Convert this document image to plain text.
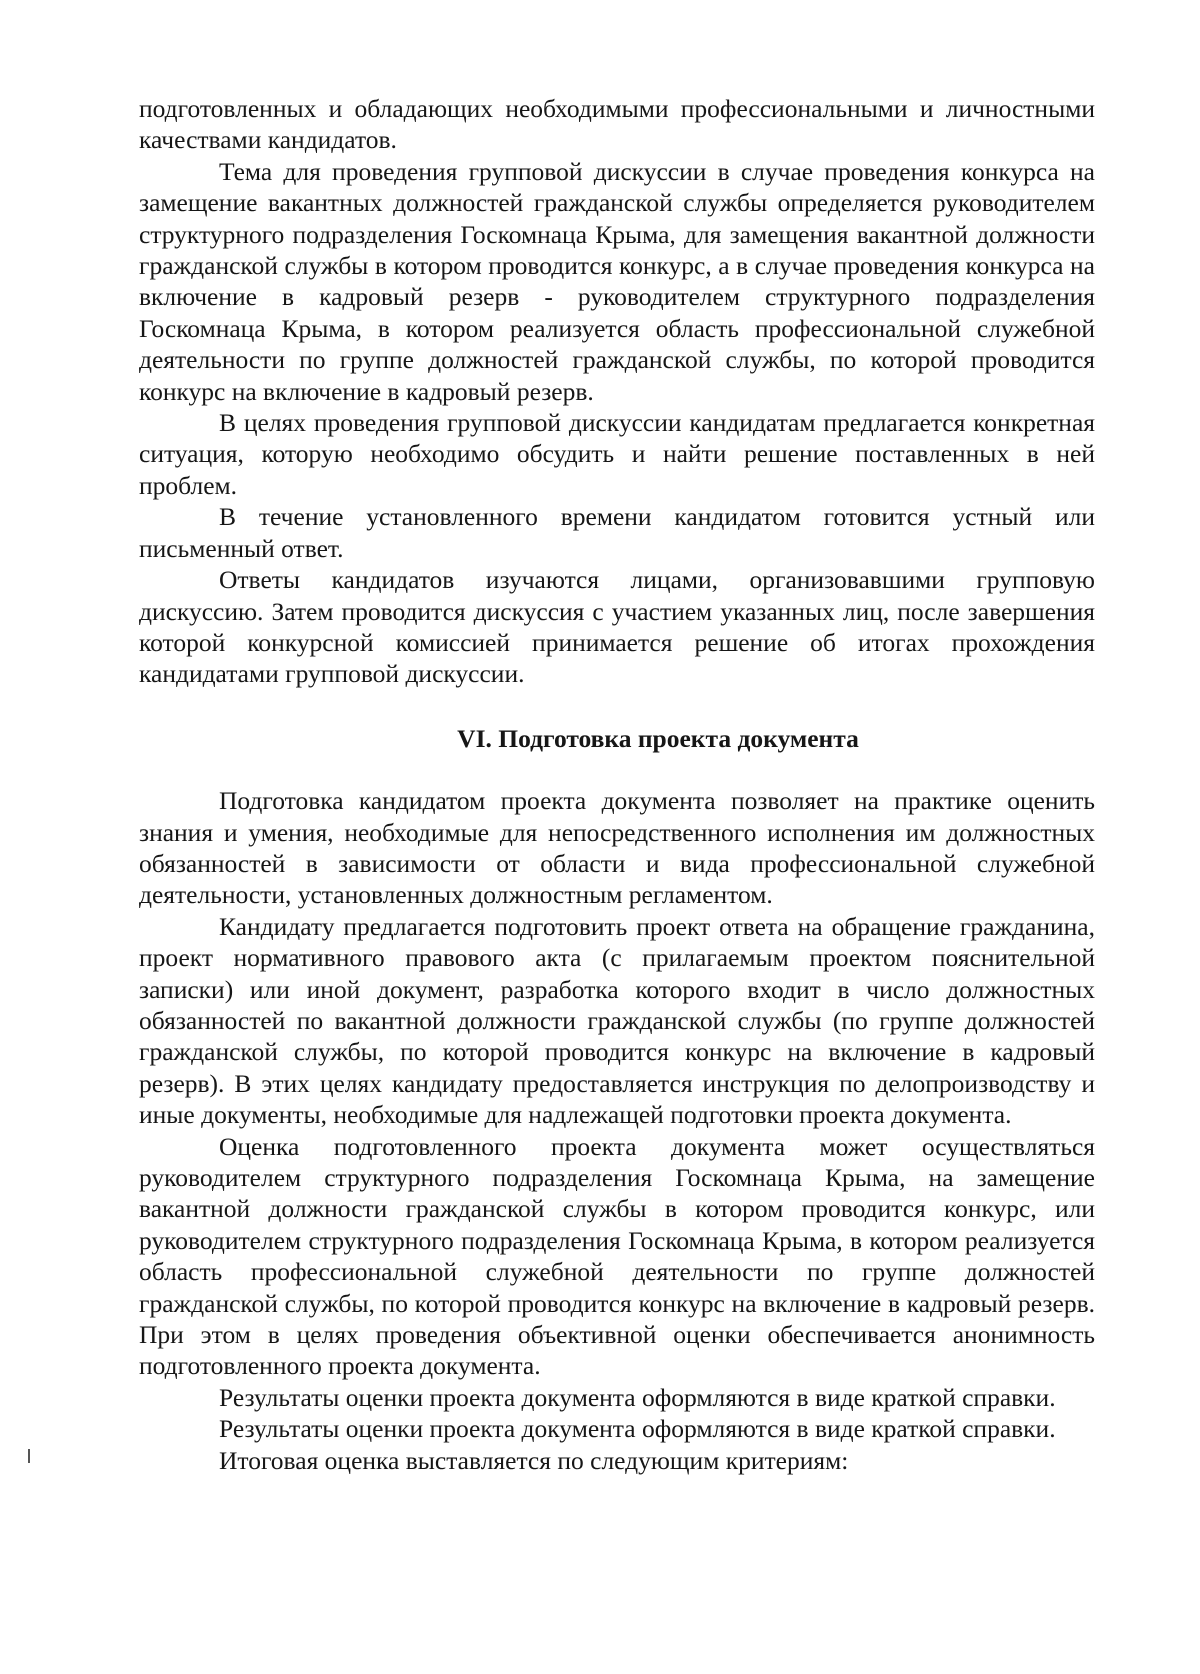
подготовленных и обладающих необходимыми профессиональными и личностными качествами кандидатов.

Тема для проведения групповой дискуссии в случае проведения конкурса на замещение вакантных должностей гражданской службы определяется руководителем структурного подразделения Госкомнаца Крыма, для замещения вакантной должности гражданской службы в котором проводится конкурс, а в случае проведения конкурса на включение в кадровый резерв - руководителем структурного подразделения Госкомнаца Крыма, в котором реализуется область профессиональной служебной деятельности по группе должностей гражданской службы, по которой проводится конкурс на включение в кадровый резерв.

В целях проведения групповой дискуссии кандидатам предлагается конкретная ситуация, которую необходимо обсудить и найти решение поставленных в ней проблем.

В течение установленного времени кандидатом готовится устный или письменный ответ.

Ответы кандидатов изучаются лицами, организовавшими групповую дискуссию. Затем проводится дискуссия с участием указанных лиц, после завершения которой конкурсной комиссией принимается решение об итогах прохождения кандидатами групповой дискуссии.

VI. Подготовка проекта документа

Подготовка кандидатом проекта документа позволяет на практике оценить знания и умения, необходимые для непосредственного исполнения им должностных обязанностей в зависимости от области и вида профессиональной служебной деятельности, установленных должностным регламентом.

Кандидату предлагается подготовить проект ответа на обращение гражданина, проект нормативного правового акта (с прилагаемым проектом пояснительной записки) или иной документ, разработка которого входит в число должностных обязанностей по вакантной должности гражданской службы (по группе должностей гражданской службы, по которой проводится конкурс на включение в кадровый резерв). В этих целях кандидату предоставляется инструкция по делопроизводству и иные документы, необходимые для надлежащей подготовки проекта документа.

Оценка подготовленного проекта документа может осуществляться руководителем структурного подразделения Госкомнаца Крыма, на замещение вакантной должности гражданской службы в котором проводится конкурс, или руководителем структурного подразделения Госкомнаца Крыма, в котором реализуется область профессиональной служебной деятельности по группе должностей гражданской службы, по которой проводится конкурс на включение в кадровый резерв. При этом в целях проведения объективной оценки обеспечивается анонимность подготовленного проекта документа.

Результаты оценки проекта документа оформляются в виде краткой справки.

Результаты оценки проекта документа оформляются в виде краткой справки.

Итоговая оценка выставляется по следующим критериям:
